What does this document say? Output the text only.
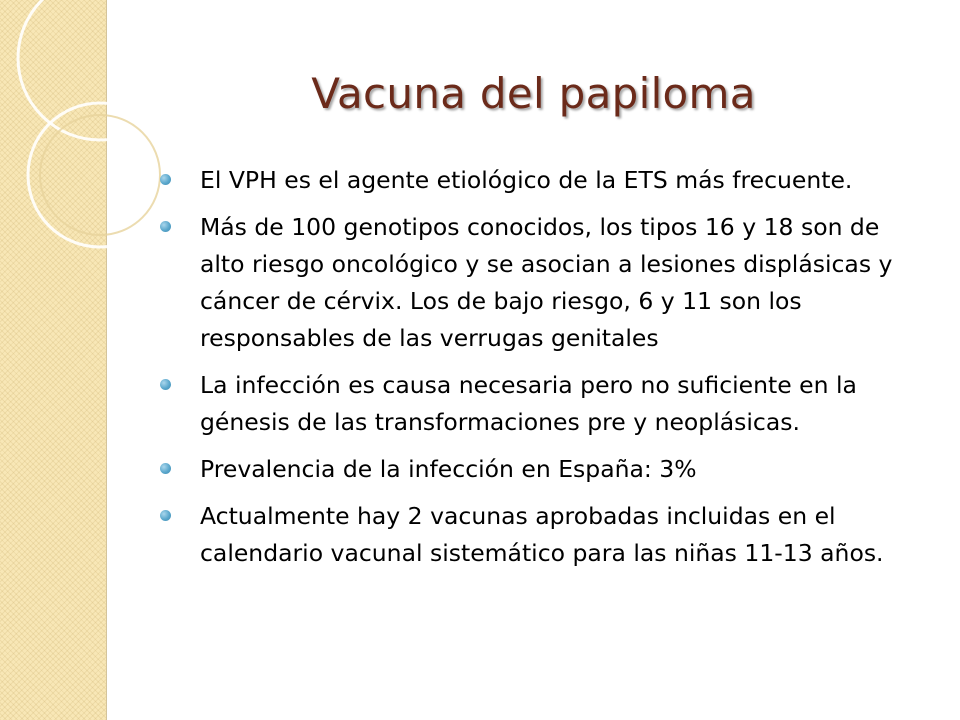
Vacuna del papiloma
El VPH es el agente etiológico de la ETS más frecuente.
Más de 100 genotipos conocidos, los tipos 16 y 18 son de alto riesgo oncológico y se asocian a lesiones displásicas y cáncer de cérvix. Los de bajo riesgo, 6 y 11 son los responsables de las verrugas genitales
La infección es causa necesaria pero no suficiente en la génesis de las transformaciones pre y neoplásicas.
Prevalencia de la infección en España: 3%
Actualmente hay 2 vacunas aprobadas incluidas en el calendario vacunal sistemático para las niñas 11-13 años.
